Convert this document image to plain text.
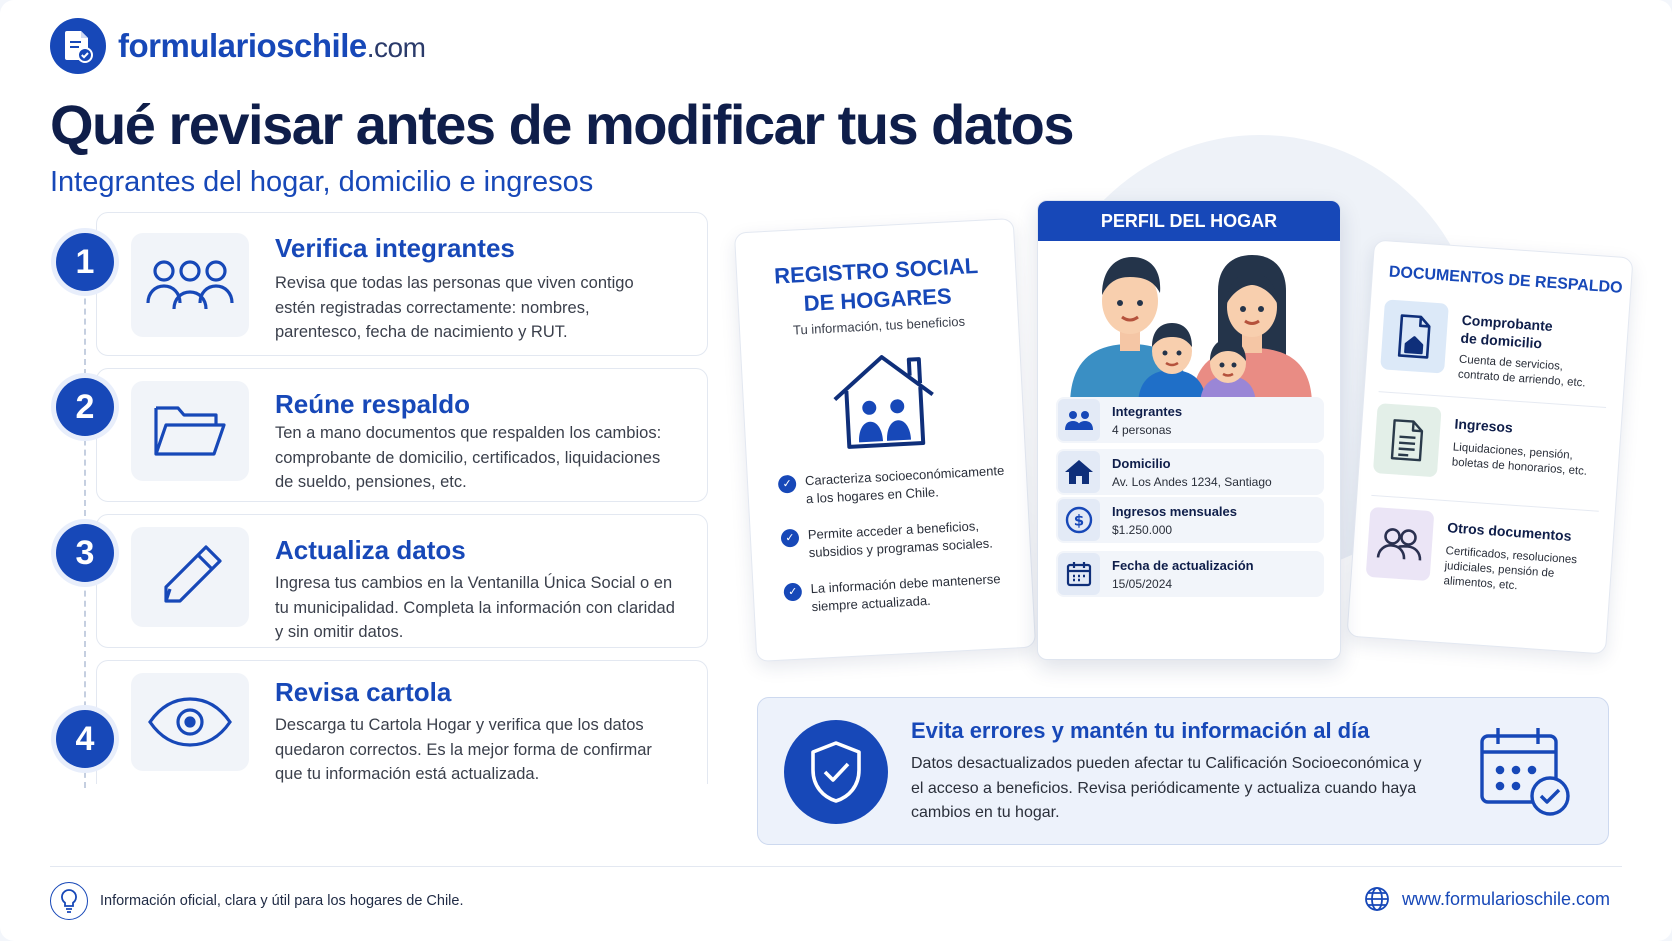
formularioschile.com
Qué revisar antes de modificar tus datos
Integrantes del hogar, domicilio e ingresos
Verifica integrantes
Revisa que todas las personas que viven contigo estén registradas correctamente: nombres, parentesco, fecha de nacimiento y RUT.
1
Reúne respaldo
Ten a mano documentos que respalden los cambios: comprobante de domicilio, certificados, liquidaciones de sueldo, pensiones, etc.
2
Actualiza datos
Ingresa tus cambios en la Ventanilla Única Social o en tu municipalidad. Completa la información con claridad y sin omitir datos.
3
Revisa cartola
Descarga tu Cartola Hogar y verifica que los datos quedaron correctos. Es la mejor forma de confirmar que tu información está actualizada.
4
REGISTRO SOCIAL
DE HOGARES
Tu información, tus beneficios
✓ Caracteriza socioeconómicamente a los hogares en Chile.
✓ Permite acceder a beneficios, subsidios y programas sociales.
✓ La información debe mantenerse siempre actualizada.
DOCUMENTOS DE RESPALDO
Comprobante
de domicilio
Cuenta de servicios, contrato de arriendo, etc.
Ingresos
Liquidaciones, pensión, boletas de honorarios, etc.
Otros documentos
Certificados, resoluciones judiciales, pensión de alimentos, etc.
PERFIL DEL HOGAR
Integrantes
4 personas
Domicilio
Av. Los Andes 1234, Santiago
$ Ingresos mensuales
$1.250.000
Fecha de actualización
15/05/2024
Evita errores y mantén tu información al día
Datos desactualizados pueden afectar tu Calificación Socioeconómica y el acceso a beneficios. Revisa periódicamente y actualiza cuando haya cambios en tu hogar.
Información oficial, clara y útil para los hogares de Chile.	www.formularioschile.com
